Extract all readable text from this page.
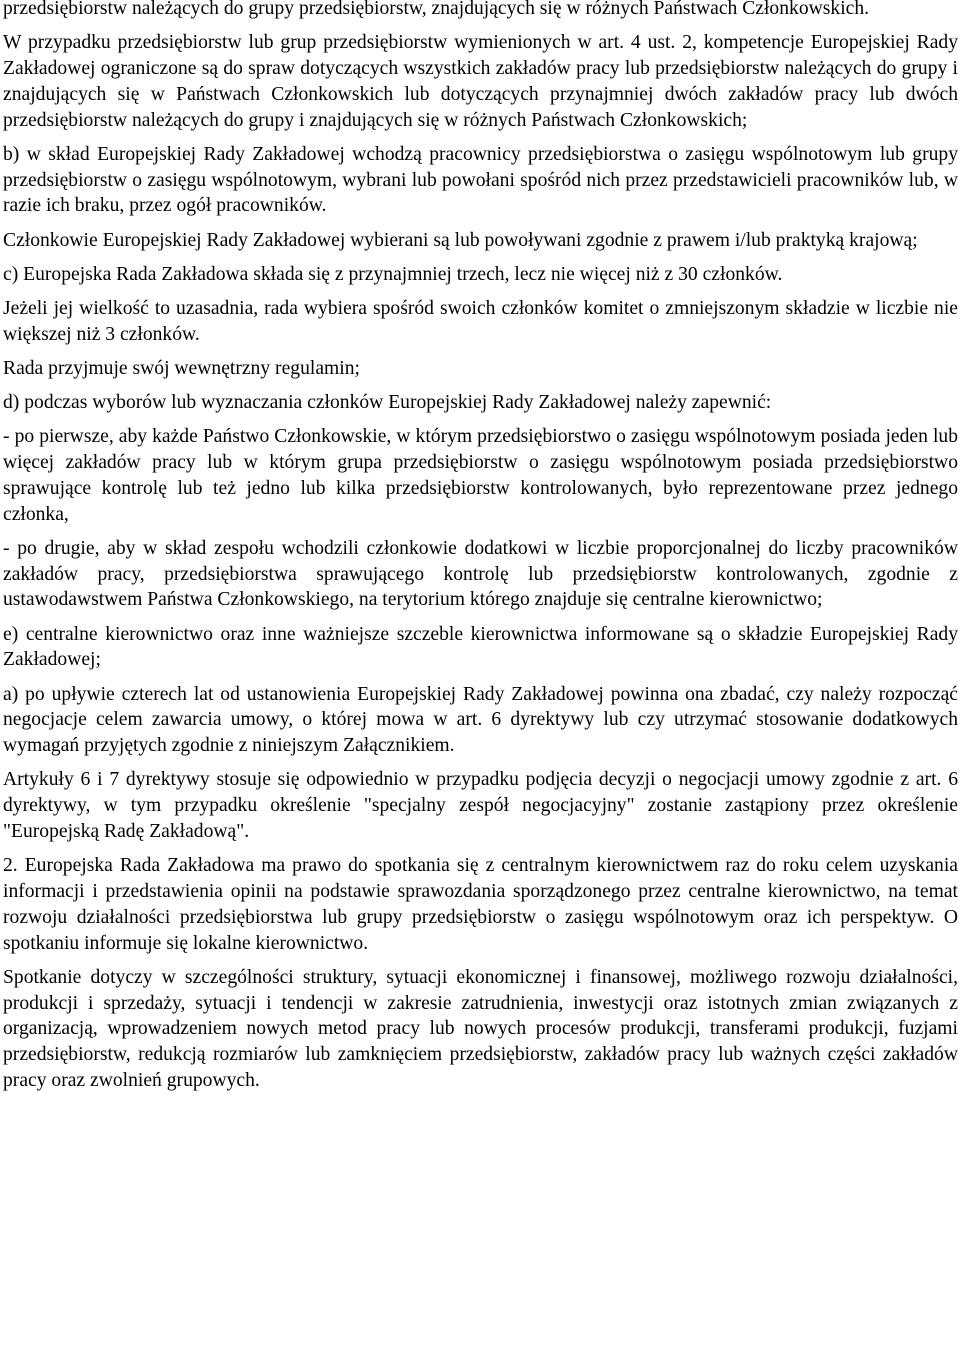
przedsiębiorstw należących do grupy przedsiębiorstw, znajdujących się w różnych Państwach Członkowskich.

W przypadku przedsiębiorstw lub grup przedsiębiorstw wymienionych w art. 4 ust. 2, kompetencje Europejskiej Rady Zakładowej ograniczone są do spraw dotyczących wszystkich zakładów pracy lub przedsiębiorstw należących do grupy i znajdujących się w Państwach Członkowskich lub dotyczących przynajmniej dwóch zakładów pracy lub dwóch przedsiębiorstw należących do grupy i znajdujących się w różnych Państwach Członkowskich;

b) w skład Europejskiej Rady Zakładowej wchodzą pracownicy przedsiębiorstwa o zasięgu wspólnotowym lub grupy przedsiębiorstw o zasięgu wspólnotowym, wybrani lub powołani spośród nich przez przedstawicieli pracowników lub, w razie ich braku, przez ogół pracowników.

Członkowie Europejskiej Rady Zakładowej wybierani są lub powoływani zgodnie z prawem i/lub praktyką krajową;

c) Europejska Rada Zakładowa składa się z przynajmniej trzech, lecz nie więcej niż z 30 członków.

Jeżeli jej wielkość to uzasadnia, rada wybiera spośród swoich członków komitet o zmniejszonym składzie w liczbie nie większej niż 3 członków.

Rada przyjmuje swój wewnętrzny regulamin;

d) podczas wyborów lub wyznaczania członków Europejskiej Rady Zakładowej należy zapewnić:

- po pierwsze, aby każde Państwo Członkowskie, w którym przedsiębiorstwo o zasięgu wspólnotowym posiada jeden lub więcej zakładów pracy lub w którym grupa przedsiębiorstw o zasięgu wspólnotowym posiada przedsiębiorstwo sprawujące kontrolę lub też jedno lub kilka przedsiębiorstw kontrolowanych, było reprezentowane przez jednego członka,

- po drugie, aby w skład zespołu wchodzili członkowie dodatkowi w liczbie proporcjonalnej do liczby pracowników zakładów pracy, przedsiębiorstwa sprawującego kontrolę lub przedsiębiorstw kontrolowanych, zgodnie z ustawodawstwem Państwa Członkowskiego, na terytorium którego znajduje się centralne kierownictwo;

e) centralne kierownictwo oraz inne ważniejsze szczeble kierownictwa informowane są o składzie Europejskiej Rady Zakładowej;

a) po upływie czterech lat od ustanowienia Europejskiej Rady Zakładowej powinna ona zbadać, czy należy rozpocząć negocjacje celem zawarcia umowy, o której mowa w art. 6 dyrektywy lub czy utrzymać stosowanie dodatkowych wymagań przyjętych zgodnie z niniejszym Załącznikiem.

Artykuły 6 i 7 dyrektywy stosuje się odpowiednio w przypadku podjęcia decyzji o negocjacji umowy zgodnie z art. 6 dyrektywy, w tym przypadku określenie "specjalny zespół negocjacyjny" zostanie zastąpiony przez określenie "Europejską Radę Zakładową".

2. Europejska Rada Zakładowa ma prawo do spotkania się z centralnym kierownictwem raz do roku celem uzyskania informacji i przedstawienia opinii na podstawie sprawozdania sporządzonego przez centralne kierownictwo, na temat rozwoju działalności przedsiębiorstwa lub grupy przedsiębiorstw o zasięgu wspólnotowym oraz ich perspektyw. O spotkaniu informuje się lokalne kierownictwo.

Spotkanie dotyczy w szczególności struktury, sytuacji ekonomicznej i finansowej, możliwego rozwoju działalności, produkcji i sprzedaży, sytuacji i tendencji w zakresie zatrudnienia, inwestycji oraz istotnych zmian związanych z organizacją, wprowadzeniem nowych metod pracy lub nowych procesów produkcji, transferami produkcji, fuzjami przedsiębiorstw, redukcją rozmiarów lub zamknięciem przedsiębiorstw, zakładów pracy lub ważnych części zakładów pracy oraz zwolnień grupowych.
